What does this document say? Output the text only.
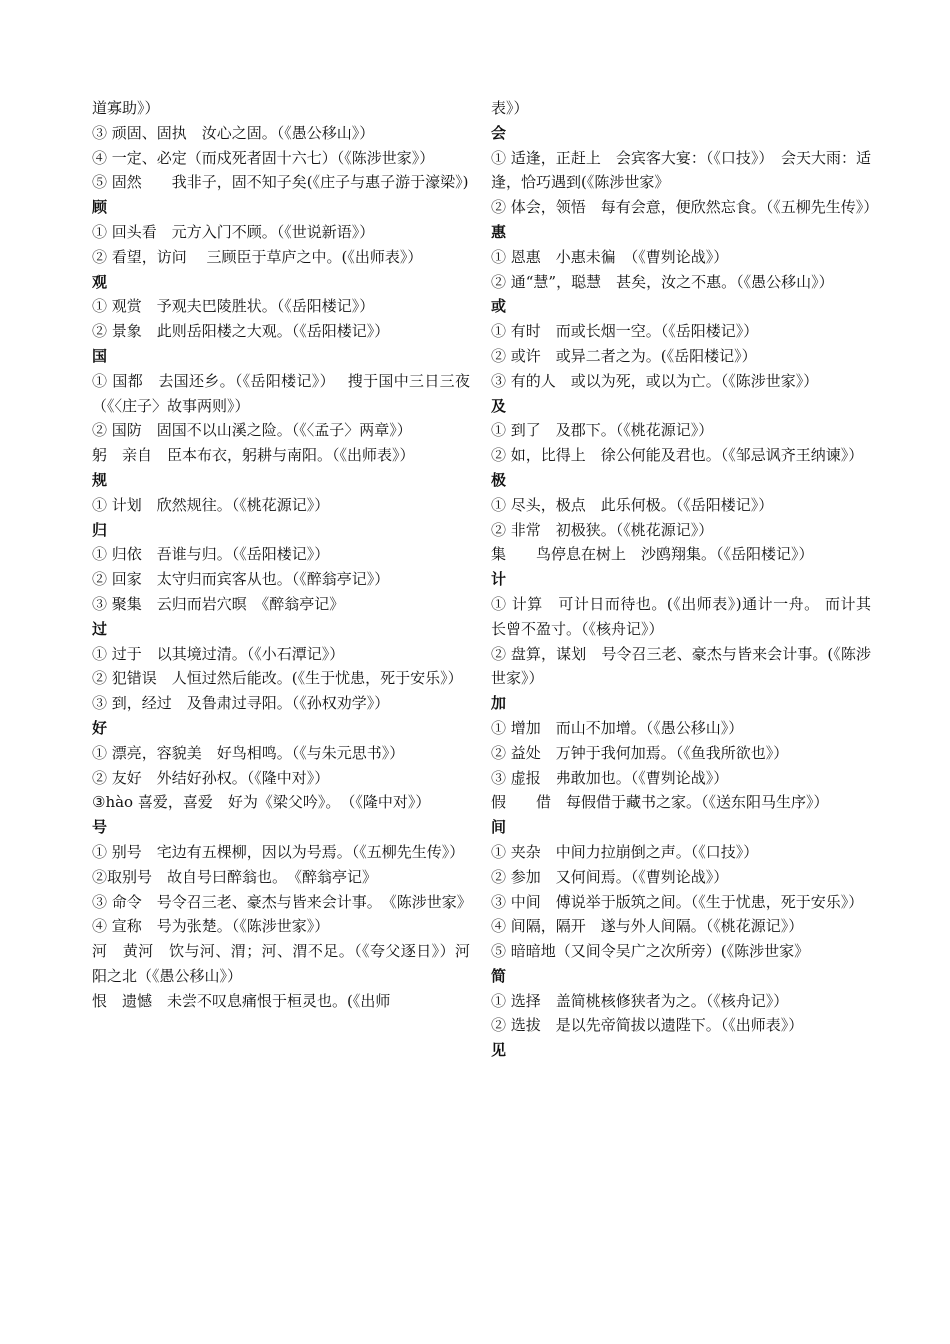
道寡助》）

③ 顽固、固执　汝心之固。（《愚公移山》）

④ 一定、必定（而戍死者固十六七）（《陈涉世家》）

⑤ 固然　　我非子，固不知子矣(《庄子与惠子游于濠梁》)

顾

① 回头看　元方入门不顾。（《世说新语》）

② 看望，访问　 三顾臣于草庐之中。(《出师表》）

观

① 观赏　予观夫巴陵胜状。（《岳阳楼记》）

② 景象　此则岳阳楼之大观。（《岳阳楼记》）

国

① 国都　去国还乡。（《岳阳楼记》）　 搜于国中三日三夜（《〈庄子〉故事两则》）

② 国防　固国不以山溪之险。（《〈孟子〉两章》）

躬　亲自　臣本布衣，躬耕与南阳。（《出师表》）

规

① 计划　欣然规往。（《桃花源记》）

归

① 归依　吾谁与归。（《岳阳楼记》）

② 回家　太守归而宾客从也。（《醉翁亭记》）

③ 聚集　云归而岩穴暝　《醉翁亭记》

过

① 过于　以其境过清。（《小石潭记》）

② 犯错误　人恒过然后能改。(《生于忧患，死于安乐》）

③ 到，经过　及鲁肃过寻阳。（《孙权劝学》）

好

① 漂亮，容貌美　好鸟相鸣。（《与朱元思书》）

② 友好　外结好孙权。（《隆中对》）

③hào 喜爱，喜爱　好为《梁父吟》。　（《隆中对》）

号

① 别号　宅边有五棵柳，因以为号焉。（《五柳先生传》）

②取别号　故自号曰醉翁也。　《醉翁亭记》

③ 命令　号令召三老、豪杰与皆来会计事。　《陈涉世家》

④ 宣称　号为张楚。（《陈涉世家》）

河　黄河　饮与河、渭；河、渭不足。（《夸父逐日》）河阳之北（《愚公移山》）

恨　遗憾　未尝不叹息痛恨于桓灵也。(《出师

表》）

会

① 适逢，正赶上　会宾客大宴：（《口技》）　会天大雨：适逢，恰巧遇到(《陈涉世家》

② 体会，领悟　每有会意，便欣然忘食。（《五柳先生传》）

惠

① 恩惠　小惠未徧　（《曹刿论战》）

② 通“慧”，聪慧　甚矣，汝之不惠。（《愚公移山》）

或

① 有时　而或长烟一空。（《岳阳楼记》）

② 或许　或异二者之为。(《岳阳楼记》）

③ 有的人　或以为死，或以为亡。（《陈涉世家》）

及

① 到了　及郡下。（《桃花源记》）

② 如，比得上　徐公何能及君也。（《邹忌讽齐王纳谏》）

极

① 尽头，极点　此乐何极。（《岳阳楼记》）

② 非常　初极狭。（《桃花源记》）

集　　鸟停息在树上　沙鸥翔集。（《岳阳楼记》）

计

① 计算　可计日而待也。(《出师表》)通计一舟。 而计其长曾不盈寸。（《核舟记》）

② 盘算，谋划　号令召三老、豪杰与皆来会计事。(《陈涉世家》）

加

① 增加　而山不加增。（《愚公移山》）

② 益处　万钟于我何加焉。（《鱼我所欲也》）

③ 虚报　弗敢加也。（《曹刿论战》）

假　　借　每假借于藏书之家。（《送东阳马生序》）

间

① 夹杂　中间力拉崩倒之声。（《口技》）

② 参加　又何间焉。（《曹刿论战》）

③ 中间　傅说举于版筑之间。（《生于忧患，死于安乐》）

④ 间隔，隔开　遂与外人间隔。（《桃花源记》）

⑤ 暗暗地（又间令吴广之次所旁）(《陈涉世家》

简

① 选择　盖简桃核修狭者为之。（《核舟记》）

② 选拔　是以先帝简拔以遗陛下。（《出师表》）

见
